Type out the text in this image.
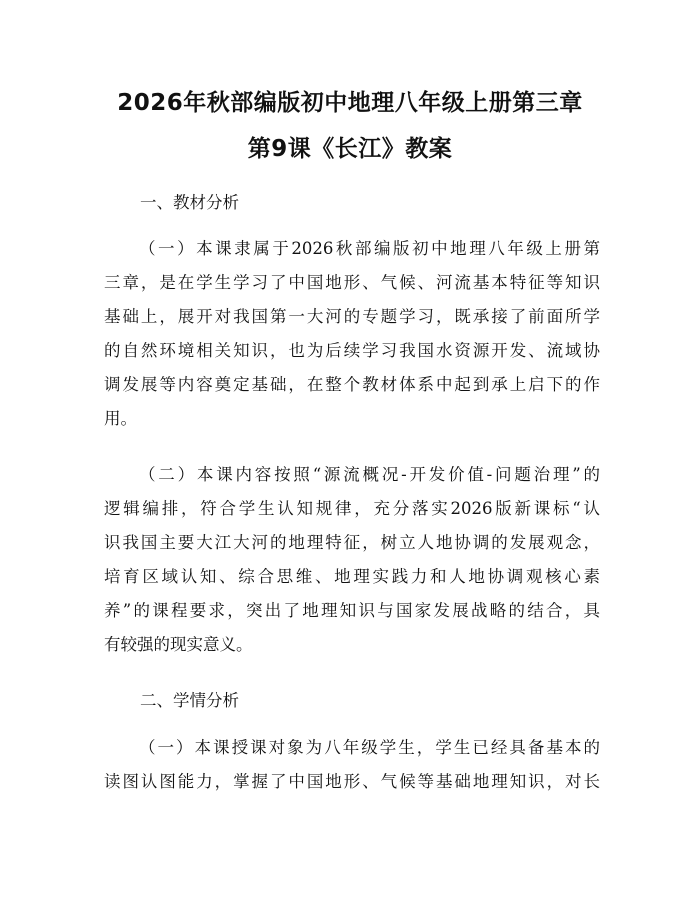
2026年秋部编版初中地理八年级上册第三章
第9课《长江》教案
一、教材分析
（一）本课隶属于2026秋部编版初中地理八年级上册第
三章，是在学生学习了中国地形、气候、河流基本特征等知识
基础上，展开对我国第一大河的专题学习，既承接了前面所学
的自然环境相关知识，也为后续学习我国水资源开发、流域协
调发展等内容奠定基础，在整个教材体系中起到承上启下的作
用。
（二）本课内容按照“源流概况-开发价值-问题治理”的
逻辑编排，符合学生认知规律，充分落实2026版新课标“认
识我国主要大江大河的地理特征，树立人地协调的发展观念，
培育区域认知、综合思维、地理实践力和人地协调观核心素
养”的课程要求，突出了地理知识与国家发展战略的结合，具
有较强的现实意义。
二、学情分析
（一）本课授课对象为八年级学生，学生已经具备基本的
读图认图能力，掌握了中国地形、气候等基础地理知识，对长
